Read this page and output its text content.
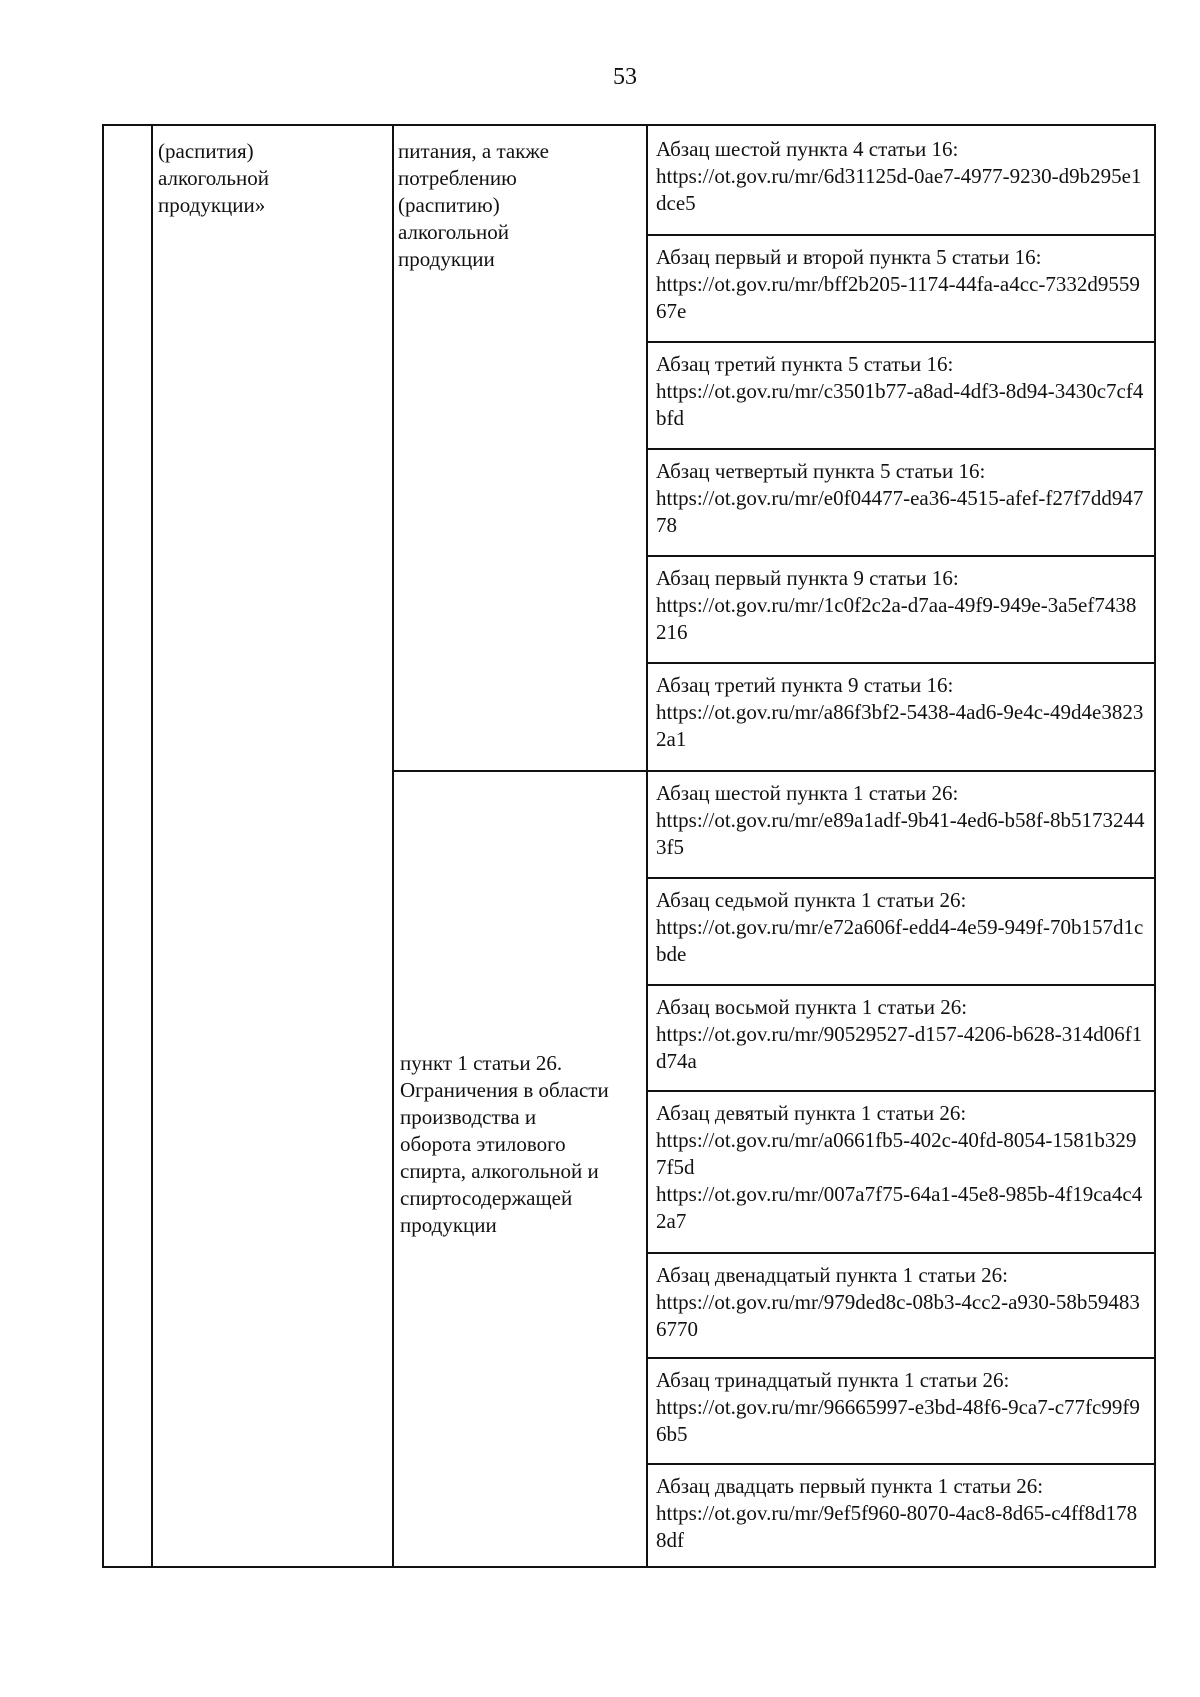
53
(распития)
алкогольной
продукции»
питания, а также
потреблению
(распитию)
алкогольной
продукции
пункт 1 статьи 26.
Ограничения в области
производства и
оборота этилового
спирта, алкогольной и
спиртосодержащей
продукции
Абзац шестой пункта 4 статьи 16:
https://ot.gov.ru/mr/6d31125d-0ae7-4977-9230-d9b295e1dce5
Абзац первый и второй пункта 5 статьи 16:
https://ot.gov.ru/mr/bff2b205-1174-44fa-a4cc-7332d955967e
Абзац третий пункта 5 статьи 16:
https://ot.gov.ru/mr/c3501b77-a8ad-4df3-8d94-3430c7cf4bfd
Абзац четвертый пункта 5 статьи 16:
https://ot.gov.ru/mr/e0f04477-ea36-4515-afef-f27f7dd94778
Абзац первый пункта 9 статьи 16:
https://ot.gov.ru/mr/1c0f2c2a-d7aa-49f9-949e-3a5ef7438216
Абзац третий пункта 9 статьи 16:
https://ot.gov.ru/mr/a86f3bf2-5438-4ad6-9e4c-49d4e38232a1
Абзац шестой пункта 1 статьи 26:
https://ot.gov.ru/mr/e89a1adf-9b41-4ed6-b58f-8b51732443f5
Абзац седьмой пункта 1 статьи 26:
https://ot.gov.ru/mr/e72a606f-edd4-4e59-949f-70b157d1cbde
Абзац восьмой пункта 1 статьи 26:
https://ot.gov.ru/mr/90529527-d157-4206-b628-314d06f1d74a
Абзац девятый пункта 1 статьи 26:
https://ot.gov.ru/mr/a0661fb5-402c-40fd-8054-1581b3297f5d
https://ot.gov.ru/mr/007a7f75-64a1-45e8-985b-4f19ca4c42a7
Абзац двенадцатый пункта 1 статьи 26:
https://ot.gov.ru/mr/979ded8c-08b3-4cc2-a930-58b594836770
Абзац тринадцатый пункта 1 статьи 26:
https://ot.gov.ru/mr/96665997-e3bd-48f6-9ca7-c77fc99f96b5
Абзац двадцать первый пункта 1 статьи 26:
https://ot.gov.ru/mr/9ef5f960-8070-4ac8-8d65-c4ff8d1788df
